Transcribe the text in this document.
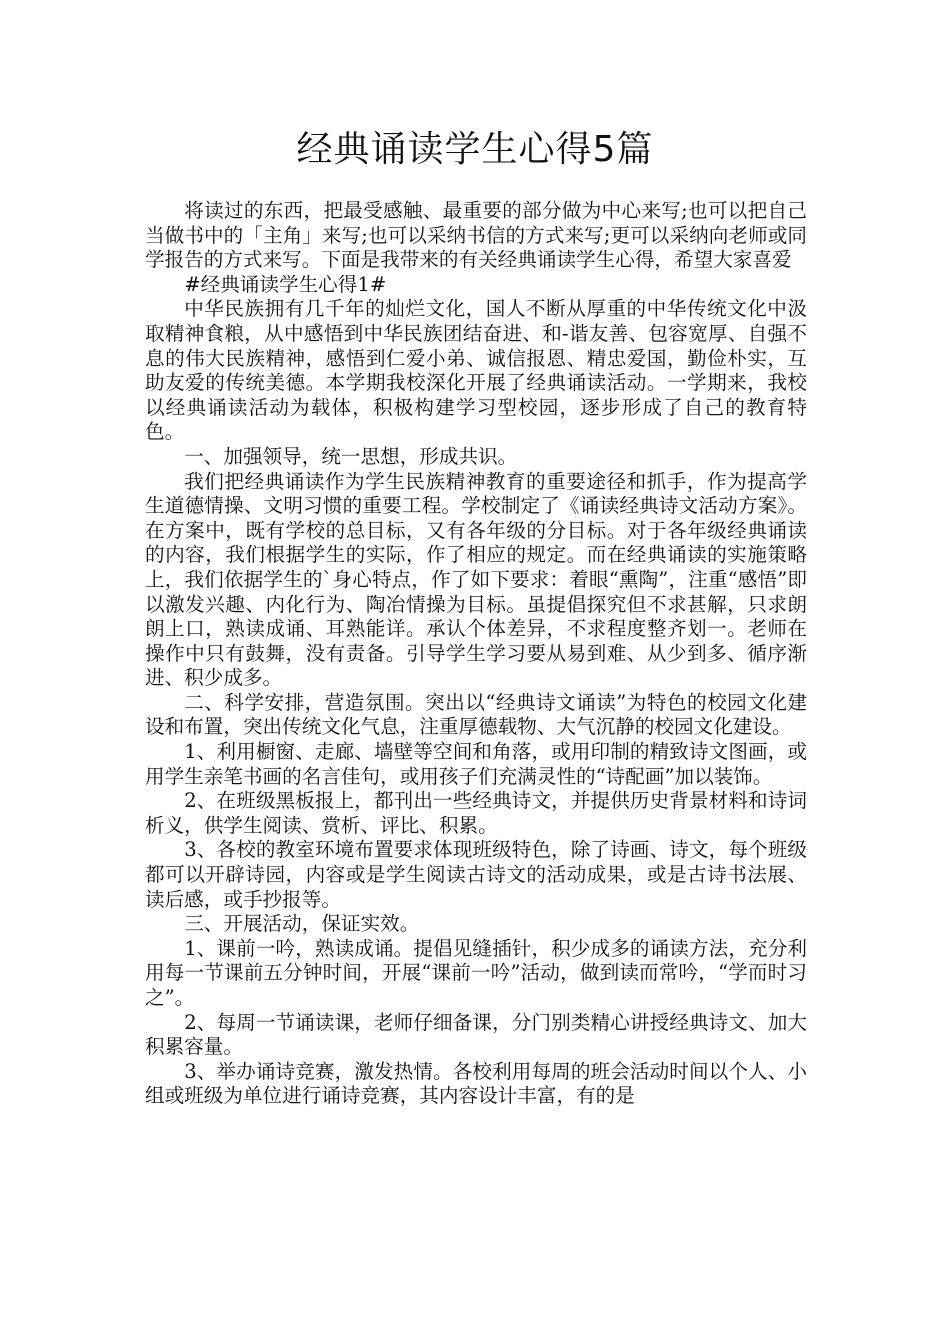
经典诵读学生心得5篇

将读过的东西，把最受感触、最重要的部分做为中心来写;也可以把自己当做书中的「主角」来写;也可以采纳书信的方式来写;更可以采纳向老师或同学报告的方式来写。下面是我带来的有关经典诵读学生心得，希望大家喜爱

#经典诵读学生心得1#

中华民族拥有几千年的灿烂文化，国人不断从厚重的中华传统文化中汲取精神食粮，从中感悟到中华民族团结奋进、和-谐友善、包容宽厚、自强不息的伟大民族精神，感悟到仁爱小弟、诚信报恩、精忠爱国，勤俭朴实，互助友爱的传统美德。本学期我校深化开展了经典诵读活动。一学期来，我校以经典诵读活动为载体，积极构建学习型校园，逐步形成了自己的教育特色。

一、加强领导，统一思想，形成共识。

我们把经典诵读作为学生民族精神教育的重要途径和抓手，作为提高学生道德情操、文明习惯的重要工程。学校制定了《诵读经典诗文活动方案》。在方案中，既有学校的总目标，又有各年级的分目标。对于各年级经典诵读的内容，我们根据学生的实际，作了相应的规定。而在经典诵读的实施策略上，我们依据学生的`身心特点，作了如下要求：着眼“熏陶”，注重“感悟”即以激发兴趣、内化行为、陶冶情操为目标。虽提倡探究但不求甚解，只求朗朗上口，熟读成诵、耳熟能详。承认个体差异，不求程度整齐划一。老师在操作中只有鼓舞，没有责备。引导学生学习要从易到难、从少到多、循序渐进、积少成多。

二、科学安排，营造氛围。突出以“经典诗文诵读”为特色的校园文化建设和布置，突出传统文化气息，注重厚德载物、大气沉静的校园文化建设。

1、利用橱窗、走廊、墙壁等空间和角落，或用印制的精致诗文图画，或用学生亲笔书画的名言佳句，或用孩子们充满灵性的“诗配画”加以装饰。

2、在班级黑板报上，都刊出一些经典诗文，并提供历史背景材料和诗词析义，供学生阅读、赏析、评比、积累。

3、各校的教室环境布置要求体现班级特色，除了诗画、诗文，每个班级都可以开辟诗园，内容或是学生阅读古诗文的活动成果，或是古诗书法展、读后感，或手抄报等。

三、开展活动，保证实效。

1、课前一吟，熟读成诵。提倡见缝插针，积少成多的诵读方法，充分利用每一节课前五分钟时间，开展“课前一吟”活动，做到读而常吟，“学而时习之”。

2、每周一节诵读课，老师仔细备课，分门别类精心讲授经典诗文、加大积累容量。

3、举办诵诗竞赛，激发热情。各校利用每周的班会活动时间以个人、小组或班级为单位进行诵诗竞赛，其内容设计丰富，有的是
